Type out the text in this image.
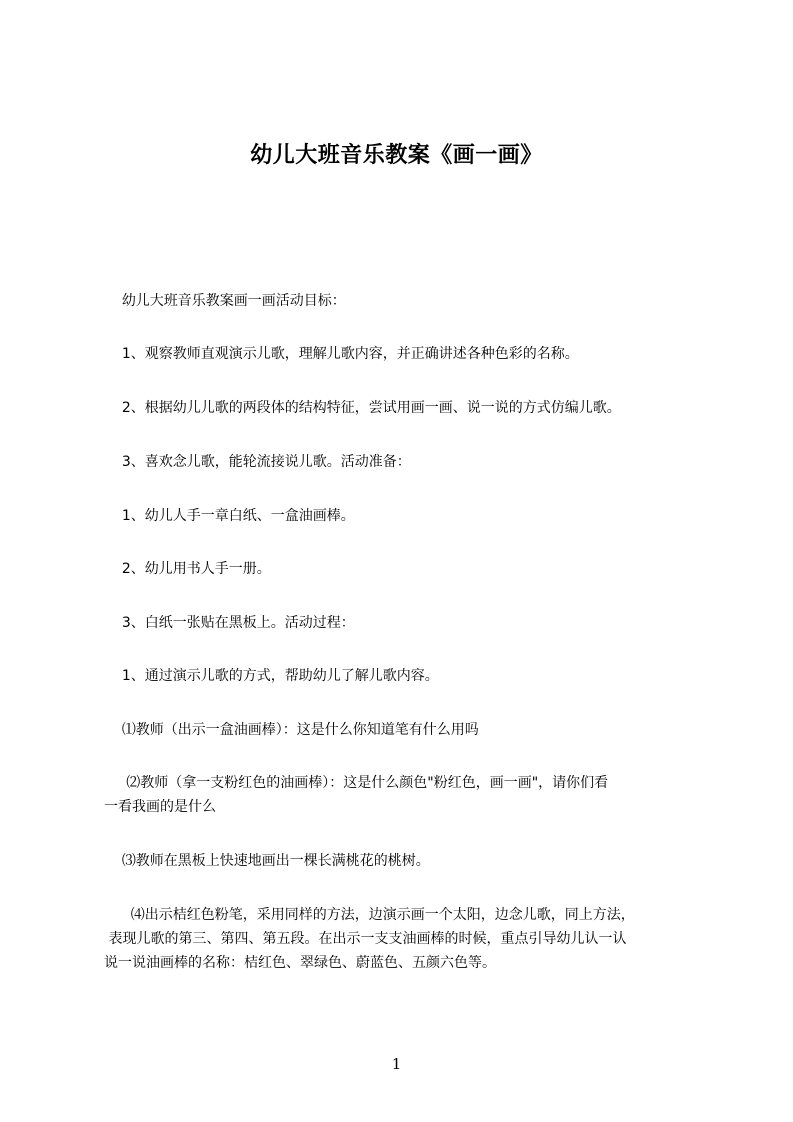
幼儿大班音乐教案《画一画》

幼儿大班音乐教案画一画活动目标：

1、观察教师直观演示儿歌，理解儿歌内容，并正确讲述各种色彩的名称。

2、根据幼儿儿歌的两段体的结构特征，尝试用画一画、说一说的方式仿编儿歌。

3、喜欢念儿歌，能轮流接说儿歌。活动准备：

1、幼儿人手一章白纸、一盒油画棒。

2、幼儿用书人手一册。

3、白纸一张贴在黑板上。活动过程：

1、通过演示儿歌的方式，帮助幼儿了解儿歌内容。

⑴教师（出示一盒油画棒）：这是什么你知道笔有什么用吗

⑵教师（拿一支粉红色的油画棒）：这是什么颜色"粉红色，画一画"，请你们看
一看我画的是什么

⑶教师在黑板上快速地画出一棵长满桃花的桃树。

⑷出示桔红色粉笔，采用同样的方法，边演示画一个太阳，边念儿歌，同上方法，
表现儿歌的第三、第四、第五段。在出示一支支油画棒的时候，重点引导幼儿认一认
说一说油画棒的名称：桔红色、翠绿色、蔚蓝色、五颜六色等。

1
